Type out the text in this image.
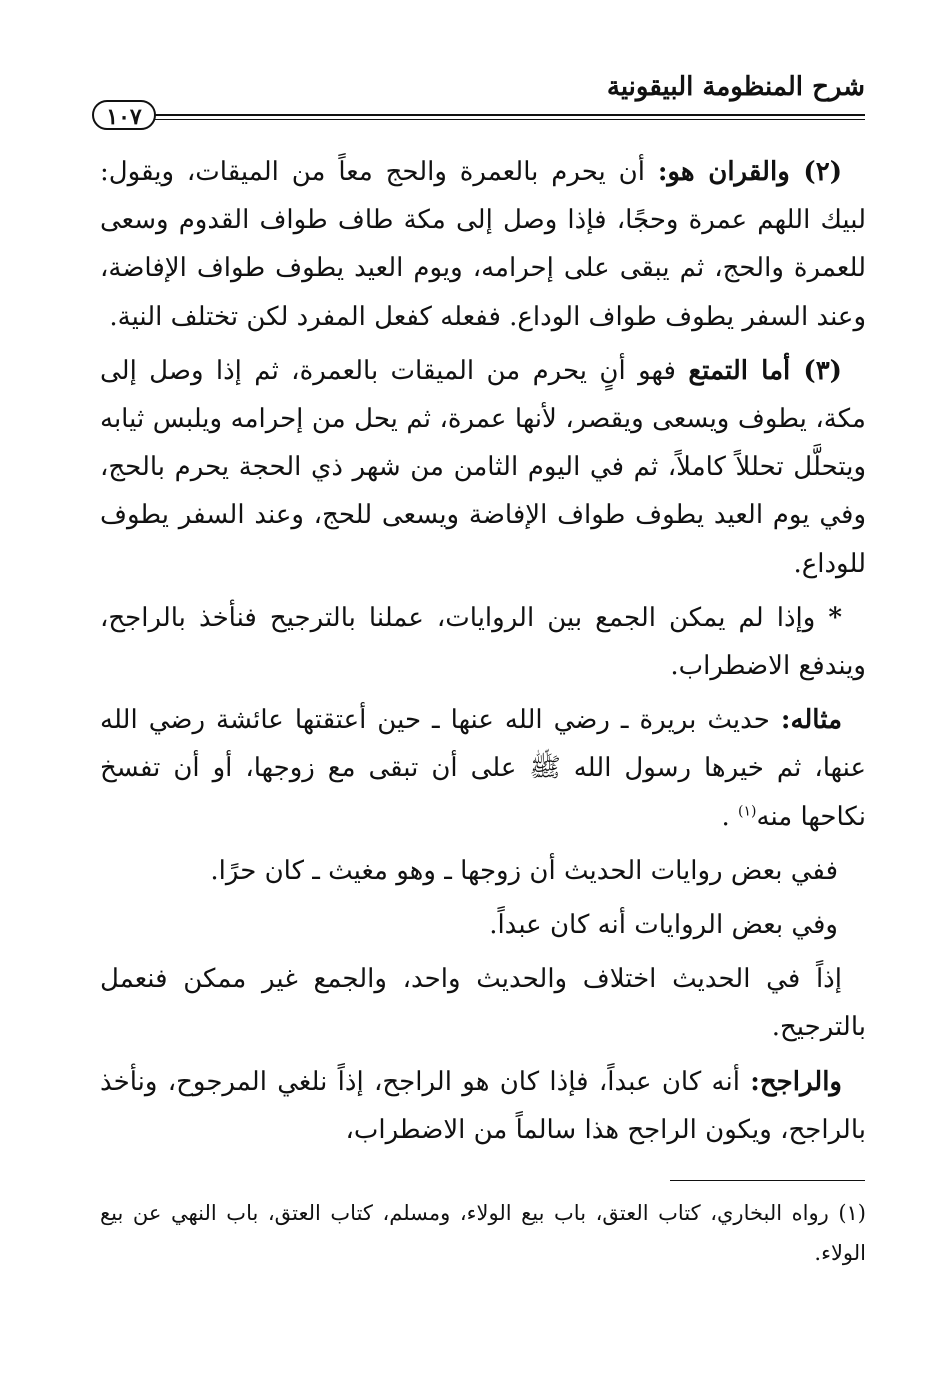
شرح المنظومة البيقونية
١٠٧

(٢) والقران هو: أن يحرم بالعمرة والحج معاً من الميقات، ويقول: لبيك اللهم عمرة وحجًا، فإذا وصل إلى مكة طاف طواف القدوم وسعى للعمرة والحج، ثم يبقى على إحرامه، ويوم العيد يطوف طواف الإفاضة، وعند السفر يطوف طواف الوداع. ففعله كفعل المفرد لكن تختلف النية.

(٣) أما التمتع فهو أنٍ يحرم من الميقات بالعمرة، ثم إذا وصل إلى مكة، يطوف ويسعى ويقصر، لأنها عمرة، ثم يحل من إحرامه ويلبس ثيابه ويتحلَّل تحللاً كاملاً، ثم في اليوم الثامن من شهر ذي الحجة يحرم بالحج، وفي يوم العيد يطوف طواف الإفاضة ويسعى للحج، وعند السفر يطوف للوداع.

* وإذا لم يمكن الجمع بين الروايات، عملنا بالترجيح فنأخذ بالراجح، ويندفع الاضطراب.

مثاله: حديث بريرة ـ رضي الله عنها ـ حين أعتقتها عائشة رضي الله عنها، ثم خيرها رسول الله ﷺ على أن تبقى مع زوجها، أو أن تفسخ نكاحها منه$^{(١)}$ .

ففي بعض روايات الحديث أن زوجها ـ وهو مغيث ـ كان حرًا.

وفي بعض الروايات أنه كان عبداً.

إذاً في الحديث اختلاف والحديث واحد، والجمع غير ممكن فنعمل بالترجيح.

والراجح: أنه كان عبداً، فإذا كان هو الراجح، إذاً نلغي المرجوح، ونأخذ بالراجح، ويكون الراجح هذا سالماً من الاضطراب،

(١) رواه البخاري، كتاب العتق، باب بيع الولاء، ومسلم، كتاب العتق، باب النهي عن بيع الولاء.
